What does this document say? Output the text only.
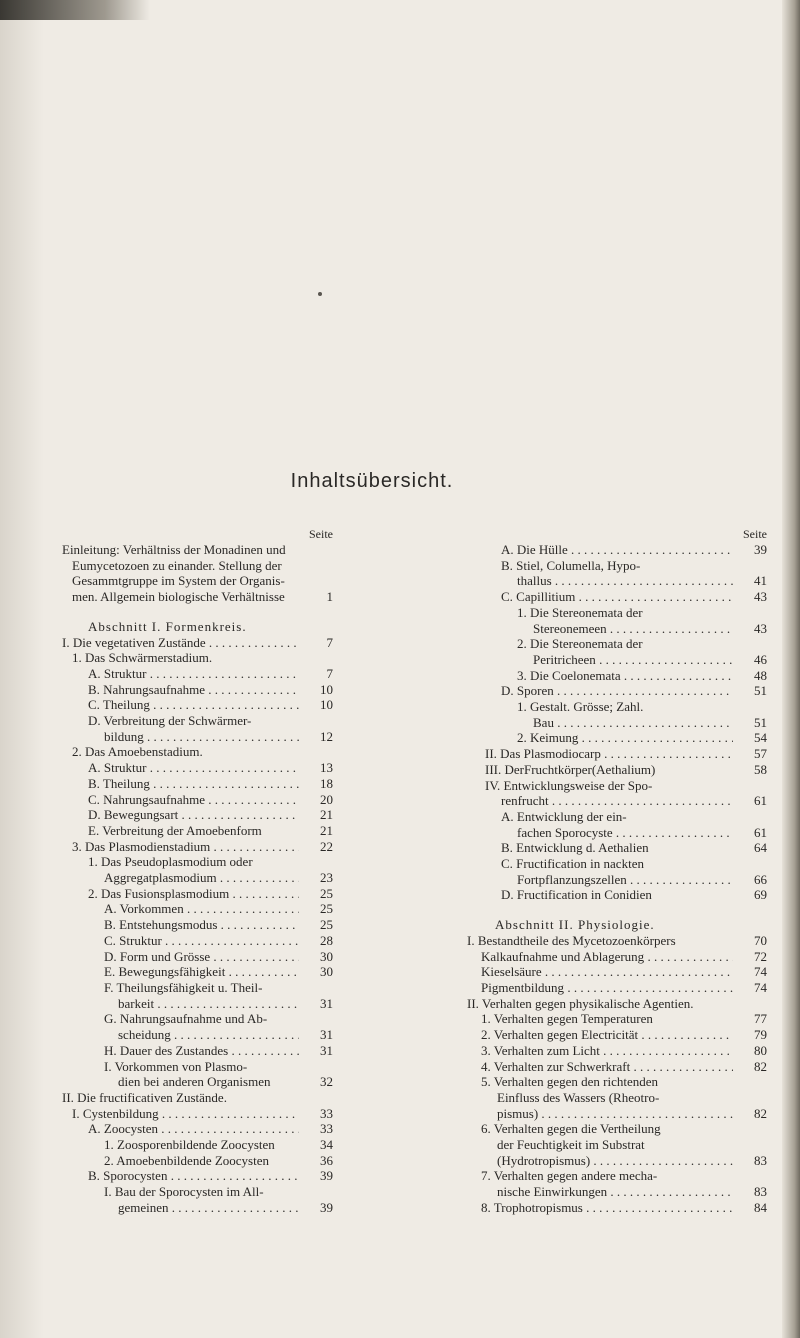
Inhaltsübersicht.
Seite
Einleitung: Verhältniss der Monadinen und
Eumycetozoen zu einander. Stellung der
Gesammtgruppe im System der Organis-
men. Allgemein biologische Verhältnisse	1
Abschnitt I. Formenkreis.
I. Die vegetativen Zustände . . .	7
1. Das Schwärmerstadium.
A. Struktur . . .	7
B. Nahrungsaufnahme . . .	10
C. Theilung . . .	10
D. Verbreitung der Schwärmer-
bildung . . .	12
2. Das Amoebenstadium.
A. Struktur . . .	13
B. Theilung . . .	18
C. Nahrungsaufnahme . . .	20
D. Bewegungsart . . .	21
E. Verbreitung der Amoebenform	21
3. Das Plasmodienstadium . . .	22
1. Das Pseudoplasmodium oder
Aggregatplasmodium . . .	23
2. Das Fusionsplasmodium . . .	25
A. Vorkommen . . .	25
B. Entstehungsmodus . . .	25
C. Struktur . . .	28
D. Form und Grösse . . .	30
E. Bewegungsfähigkeit . . .	30
F. Theilungsfähigkeit u. Theil-
barkeit . . .	31
G. Nahrungsaufnahme und Ab-
scheidung . . .	31
H. Dauer des Zustandes . . .	31
I. Vorkommen von Plasmo-
dien bei anderen Organismen	32
II. Die fructificativen Zustände.
I. Cystenbildung . . .	33
A. Zoocysten . . .	33
1. Zoosporenbildende Zoocysten	34
2. Amoebenbildende Zoocysten	36
B. Sporocysten . . .	39
I. Bau der Sporocysten im All-
gemeinen . . .	39
Seite
A. Die Hülle . . .	39
B. Stiel, Columella, Hypo-
thallus . . .	41
C. Capillitium . . .	43
1. Die Stereonemata der
Stereonemeen . . .	43
2. Die Stereonemata der
Peritricheen . . .	46
3. Die Coelonemata . . .	48
D. Sporen . . .	51
1. Gestalt. Grösse; Zahl.
Bau . . .	51
2. Keimung . . .	54
II. Das Plasmodiocarp . . .	57
III. DerFruchtkörper(Aethalium)	58
IV. Entwicklungsweise der Spo-
renfrucht . . .	61
A. Entwicklung der ein-
fachen Sporocyste . . .	61
B. Entwicklung d. Aethalien	64
C. Fructification in nackten
Fortpflanzungszellen . . .	66
D. Fructification in Conidien	69
Abschnitt II. Physiologie.
I. Bestandtheile des Mycetozoenkörpers	70
Kalkaufnahme und Ablagerung . . .	72
Kieselsäure . . .	74
Pigmentbildung . . .	74
II. Verhalten gegen physikalische Agentien.
1. Verhalten gegen Temperaturen	77
2. Verhalten gegen Electricität . . .	79
3. Verhalten zum Licht . . .	80
4. Verhalten zur Schwerkraft . . .	82
5. Verhalten gegen den richtenden
Einfluss des Wassers (Rheotro-
pismus) . . .	82
6. Verhalten gegen die Vertheilung
der Feuchtigkeit im Substrat
(Hydrotropismus) . . .	83
7. Verhalten gegen andere mecha-
nische Einwirkungen . . .	83
8. Trophotropismus . . .	84
